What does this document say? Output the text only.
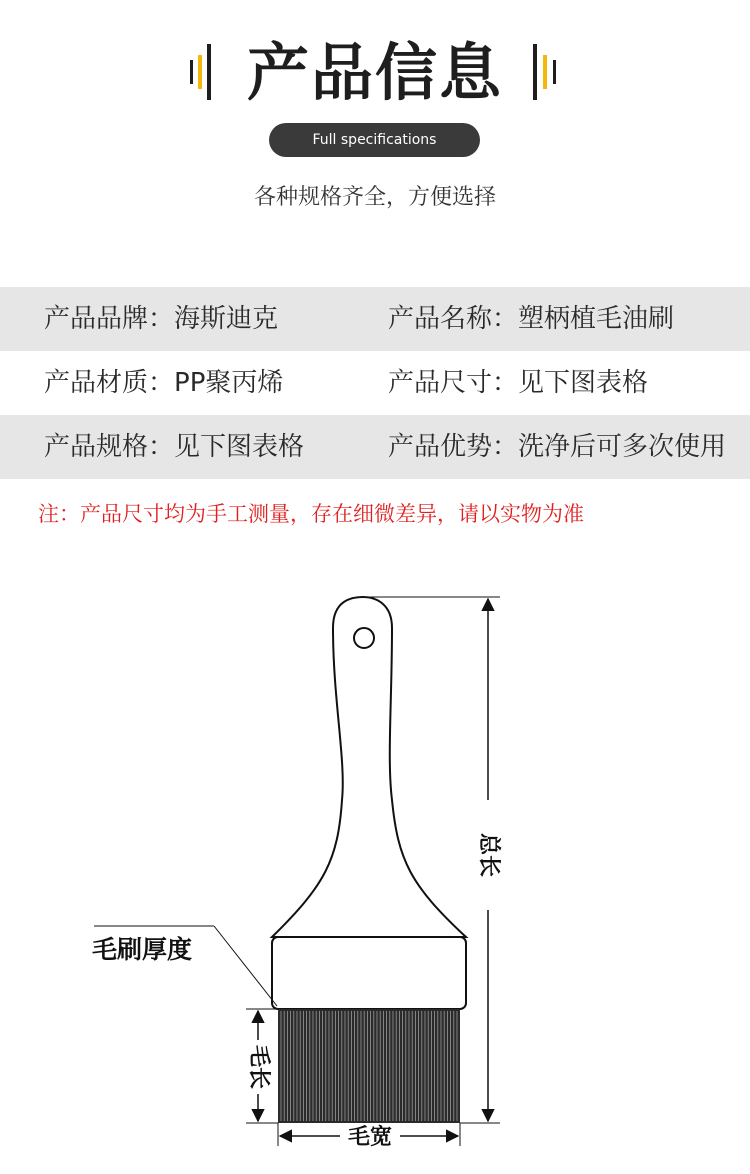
产品信息
Full specifications
各种规格齐全，方便选择
产品品牌：海斯迪克	产品名称：塑柄植毛油刷
产品材质：PP聚丙烯	产品尺寸：见下图表格
产品规格：见下图表格	产品优势：洗净后可多次使用
注：产品尺寸均为手工测量，存在细微差异，请以实物为准
总长
毛刷厚度
毛长
毛宽
